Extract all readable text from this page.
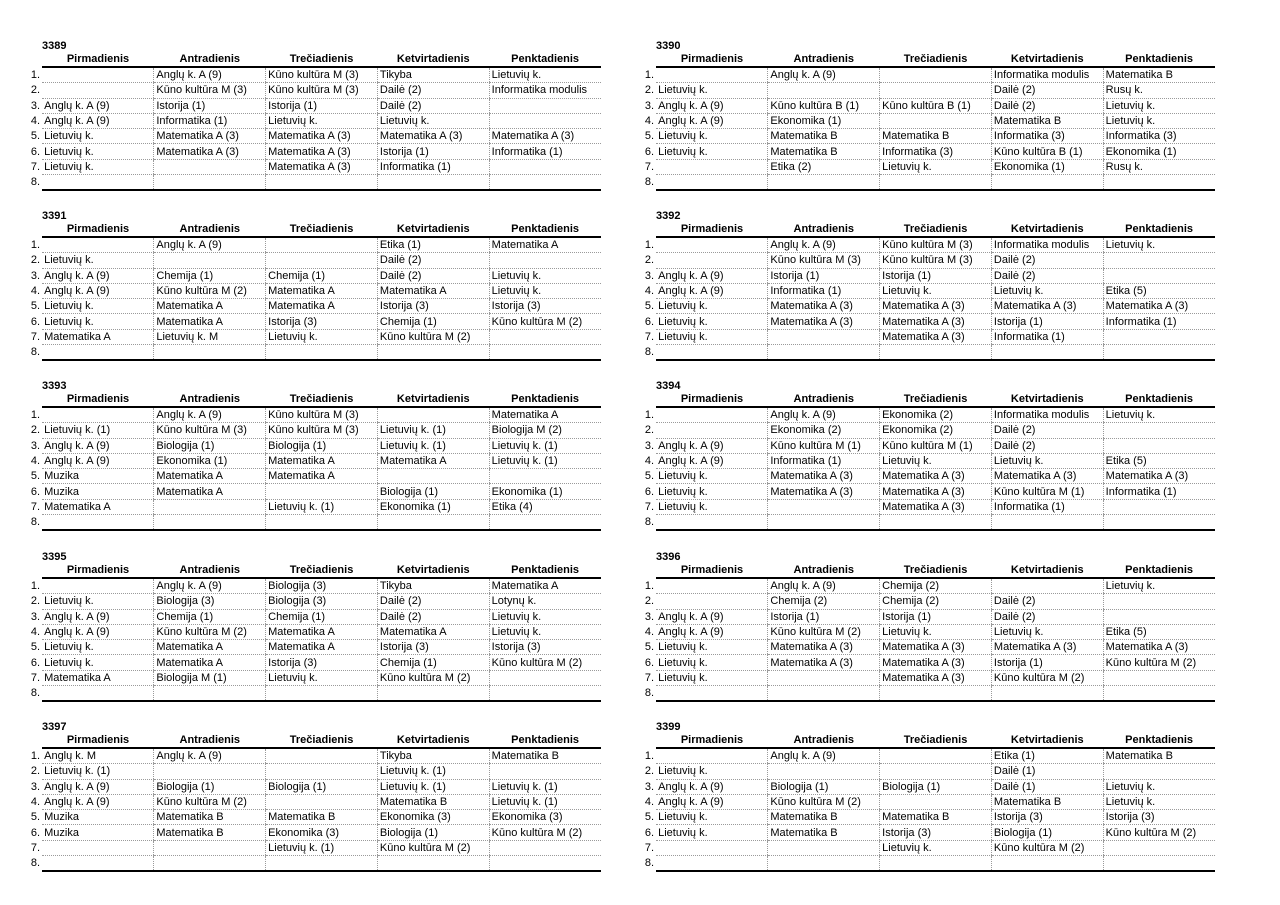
3389
	Pirmadienis	Antradienis	Trečiadienis	Ketvirtadienis	Penktadienis
1.		Anglų k. A (9)	Kūno kultūra M (3)	Tikyba	Lietuvių k.
2.		Kūno kultūra M (3)	Kūno kultūra M (3)	Dailė (2)	Informatika modulis
3.	Anglų k. A (9)	Istorija (1)	Istorija (1)	Dailė (2)	
4.	Anglų k. A (9)	Informatika (1)	Lietuvių k.	Lietuvių k.	
5.	Lietuvių k.	Matematika A (3)	Matematika A (3)	Matematika A (3)	Matematika A (3)
6.	Lietuvių k.	Matematika A (3)	Matematika A (3)	Istorija (1)	Informatika (1)
7.	Lietuvių k.		Matematika A (3)	Informatika (1)	
8.					
3390
	Pirmadienis	Antradienis	Trečiadienis	Ketvirtadienis	Penktadienis
1.		Anglų k. A (9)		Informatika modulis	Matematika B
2.	Lietuvių k.			Dailė (2)	Rusų k.
3.	Anglų k. A (9)	Kūno kultūra B (1)	Kūno kultūra B (1)	Dailė (2)	Lietuvių k.
4.	Anglų k. A (9)	Ekonomika (1)		Matematika B	Lietuvių k.
5.	Lietuvių k.	Matematika B	Matematika B	Informatika (3)	Informatika (3)
6.	Lietuvių k.	Matematika B	Informatika (3)	Kūno kultūra B (1)	Ekonomika (1)
7.		Etika (2)	Lietuvių k.	Ekonomika (1)	Rusų k.
8.					
3391
	Pirmadienis	Antradienis	Trečiadienis	Ketvirtadienis	Penktadienis
1.		Anglų k. A (9)		Etika (1)	Matematika A
2.	Lietuvių k.			Dailė (2)	
3.	Anglų k. A (9)	Chemija (1)	Chemija (1)	Dailė (2)	Lietuvių k.
4.	Anglų k. A (9)	Kūno kultūra M (2)	Matematika A	Matematika A	Lietuvių k.
5.	Lietuvių k.	Matematika A	Matematika A	Istorija (3)	Istorija (3)
6.	Lietuvių k.	Matematika A	Istorija (3)	Chemija (1)	Kūno kultūra M (2)
7.	Matematika A	Lietuvių k. M	Lietuvių k.	Kūno kultūra M (2)	
8.					
3392
	Pirmadienis	Antradienis	Trečiadienis	Ketvirtadienis	Penktadienis
1.		Anglų k. A (9)	Kūno kultūra M (3)	Informatika modulis	Lietuvių k.
2.		Kūno kultūra M (3)	Kūno kultūra M (3)	Dailė (2)	
3.	Anglų k. A (9)	Istorija (1)	Istorija (1)	Dailė (2)	
4.	Anglų k. A (9)	Informatika (1)	Lietuvių k.	Lietuvių k.	Etika (5)
5.	Lietuvių k.	Matematika A (3)	Matematika A (3)	Matematika A (3)	Matematika A (3)
6.	Lietuvių k.	Matematika A (3)	Matematika A (3)	Istorija (1)	Informatika (1)
7.	Lietuvių k.		Matematika A (3)	Informatika (1)	
8.					
3393
	Pirmadienis	Antradienis	Trečiadienis	Ketvirtadienis	Penktadienis
1.		Anglų k. A (9)	Kūno kultūra M (3)		Matematika A
2.	Lietuvių k. (1)	Kūno kultūra M (3)	Kūno kultūra M (3)	Lietuvių k. (1)	Biologija M (2)
3.	Anglų k. A (9)	Biologija (1)	Biologija (1)	Lietuvių k. (1)	Lietuvių k. (1)
4.	Anglų k. A (9)	Ekonomika (1)	Matematika A	Matematika A	Lietuvių k. (1)
5.	Muzika	Matematika A	Matematika A		
6.	Muzika	Matematika A		Biologija (1)	Ekonomika (1)
7.	Matematika A		Lietuvių k. (1)	Ekonomika (1)	Etika (4)
8.					
3394
	Pirmadienis	Antradienis	Trečiadienis	Ketvirtadienis	Penktadienis
1.		Anglų k. A (9)	Ekonomika (2)	Informatika modulis	Lietuvių k.
2.		Ekonomika (2)	Ekonomika (2)	Dailė (2)	
3.	Anglų k. A (9)	Kūno kultūra M (1)	Kūno kultūra M (1)	Dailė (2)	
4.	Anglų k. A (9)	Informatika (1)	Lietuvių k.	Lietuvių k.	Etika (5)
5.	Lietuvių k.	Matematika A (3)	Matematika A (3)	Matematika A (3)	Matematika A (3)
6.	Lietuvių k.	Matematika A (3)	Matematika A (3)	Kūno kultūra M (1)	Informatika (1)
7.	Lietuvių k.		Matematika A (3)	Informatika (1)	
8.					
3395
	Pirmadienis	Antradienis	Trečiadienis	Ketvirtadienis	Penktadienis
1.		Anglų k. A (9)	Biologija (3)	Tikyba	Matematika A
2.	Lietuvių k.	Biologija (3)	Biologija (3)	Dailė (2)	Lotynų k.
3.	Anglų k. A (9)	Chemija (1)	Chemija (1)	Dailė (2)	Lietuvių k.
4.	Anglų k. A (9)	Kūno kultūra M (2)	Matematika A	Matematika A	Lietuvių k.
5.	Lietuvių k.	Matematika A	Matematika A	Istorija (3)	Istorija (3)
6.	Lietuvių k.	Matematika A	Istorija (3)	Chemija (1)	Kūno kultūra M (2)
7.	Matematika A	Biologija M (1)	Lietuvių k.	Kūno kultūra M (2)	
8.					
3396
	Pirmadienis	Antradienis	Trečiadienis	Ketvirtadienis	Penktadienis
1.		Anglų k. A (9)	Chemija (2)		Lietuvių k.
2.		Chemija (2)	Chemija (2)	Dailė (2)	
3.	Anglų k. A (9)	Istorija (1)	Istorija (1)	Dailė (2)	
4.	Anglų k. A (9)	Kūno kultūra M (2)	Lietuvių k.	Lietuvių k.	Etika (5)
5.	Lietuvių k.	Matematika A (3)	Matematika A (3)	Matematika A (3)	Matematika A (3)
6.	Lietuvių k.	Matematika A (3)	Matematika A (3)	Istorija (1)	Kūno kultūra M (2)
7.	Lietuvių k.		Matematika A (3)	Kūno kultūra M (2)	
8.					
3397
	Pirmadienis	Antradienis	Trečiadienis	Ketvirtadienis	Penktadienis
1.	Anglų k. M	Anglų k. A (9)		Tikyba	Matematika B
2.	Lietuvių k. (1)			Lietuvių k. (1)	
3.	Anglų k. A (9)	Biologija (1)	Biologija (1)	Lietuvių k. (1)	Lietuvių k. (1)
4.	Anglų k. A (9)	Kūno kultūra M (2)		Matematika B	Lietuvių k. (1)
5.	Muzika	Matematika B	Matematika B	Ekonomika (3)	Ekonomika (3)
6.	Muzika	Matematika B	Ekonomika (3)	Biologija (1)	Kūno kultūra M (2)
7.			Lietuvių k. (1)	Kūno kultūra M (2)	
8.					
3399
	Pirmadienis	Antradienis	Trečiadienis	Ketvirtadienis	Penktadienis
1.		Anglų k. A (9)		Etika (1)	Matematika B
2.	Lietuvių k.			Dailė (1)	
3.	Anglų k. A (9)	Biologija (1)	Biologija (1)	Dailė (1)	Lietuvių k.
4.	Anglų k. A (9)	Kūno kultūra M (2)		Matematika B	Lietuvių k.
5.	Lietuvių k.	Matematika B	Matematika B	Istorija (3)	Istorija (3)
6.	Lietuvių k.	Matematika B	Istorija (3)	Biologija (1)	Kūno kultūra M (2)
7.			Lietuvių k.	Kūno kultūra M (2)	
8.					
